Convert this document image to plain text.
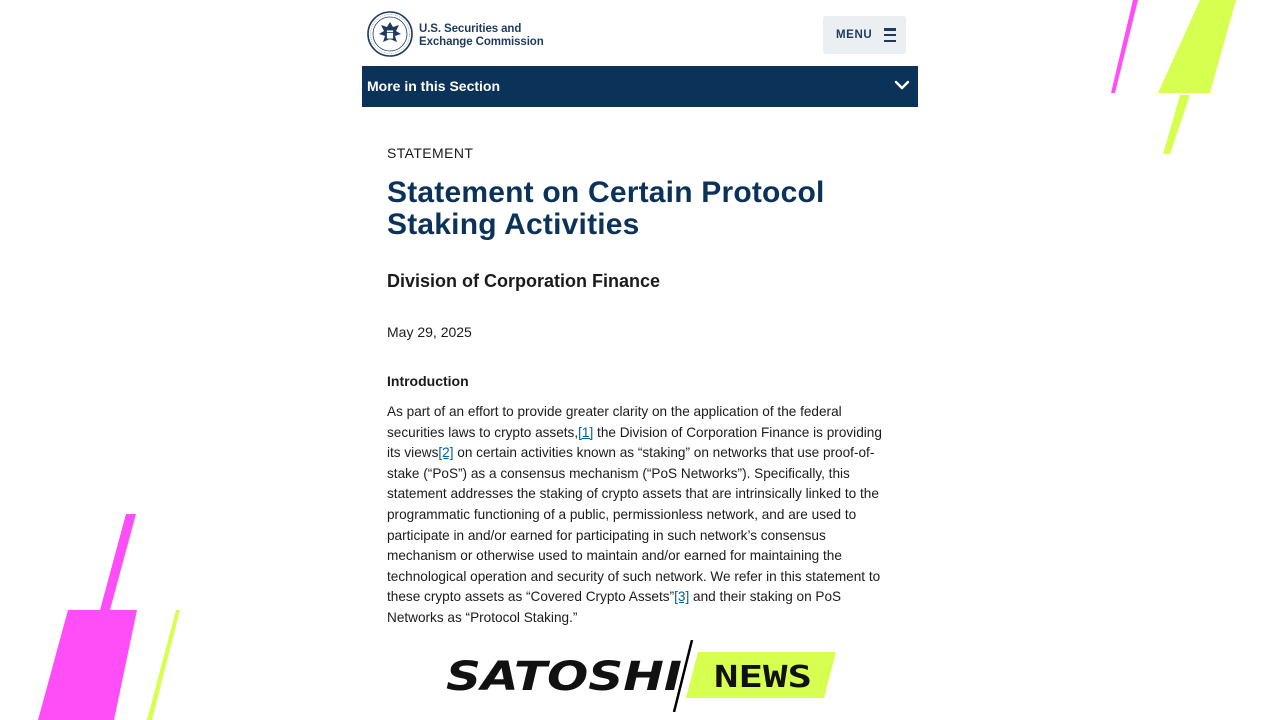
U.S. Securities and
Exchange Commission
MENU
More in this Section
STATEMENT
Statement on Certain Protocol Staking Activities
Division of Corporation Finance
May 29, 2025
Introduction

As part of an effort to provide greater clarity on the application of the federal securities laws to crypto assets,[1] the Division of Corporation Finance is providing its views[2] on certain activities known as “staking” on networks that use proof-of-stake (“PoS”) as a consensus mechanism (“PoS Networks”). Specifically, this statement addresses the staking of crypto assets that are intrinsically linked to the programmatic functioning of a public, permissionless network, and are used to participate in and/or earned for participating in such network’s consensus mechanism or otherwise used to maintain and/or earned for maintaining the technological operation and security of such network. We refer in this statement to these crypto assets as “Covered Crypto Assets”[3] and their staking on PoS Networks as “Protocol Staking.”

SATOSHI NEWS
